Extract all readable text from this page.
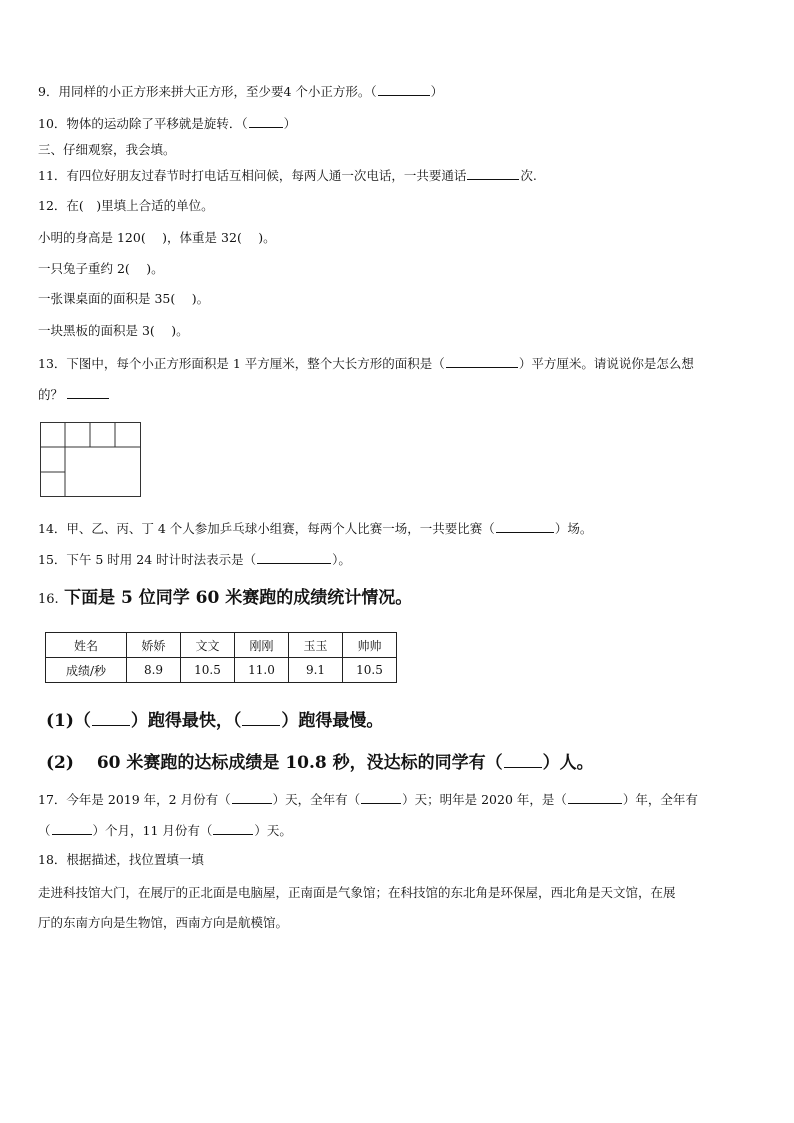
9．用同样的小正方形来拼大正方形，至少要4 个小正方形。（	）
10．物体的运动除了平移就是旋转．（	）
三、仔细观察，我会填。
11．有四位好朋友过春节时打电话互相问候，每两人通一次电话，一共要通话	次.
12．在(　)里填上合适的单位。
小明的身高是 120(　 )，体重是 32(　 )。
一只兔子重约 2(　 )。
一张课桌面的面积是 35(　 )。
一块黑板的面积是 3(　 )。
13．下图中，每个小正方形面积是 1 平方厘米，整个大长方形的面积是（	）平方厘米。请说说你是怎么想
的？
14．甲、乙、丙、丁 4 个人参加乒乓球小组赛，每两个人比赛一场，一共要比赛（	）场。
15．下午 5 时用 24 时计时法表示是（	）。
16. 下面是 5 位同学 60 米赛跑的成绩统计情况。
姓名	娇娇	文文	刚刚	玉玉	帅帅
成绩/秒	8.9	10.5	11.0	9.1	10.5
(1)（ ）跑得最快，（ ）跑得最慢。
(2)　 60 米赛跑的达标成绩是 10.8 秒，没达标的同学有（ ）人。
17．今年是 2019 年，2 月份有（	）天，全年有（	）天；明年是 2020 年，是（	）年，全年有
（	）个月，11 月份有（	）天。
18．根据描述，找位置填一填
走进科技馆大门，在展厅的正北面是电脑屋，正南面是气象馆；在科技馆的东北角是环保屋，西北角是天文馆，在展
厅的东南方向是生物馆，西南方向是航模馆。
